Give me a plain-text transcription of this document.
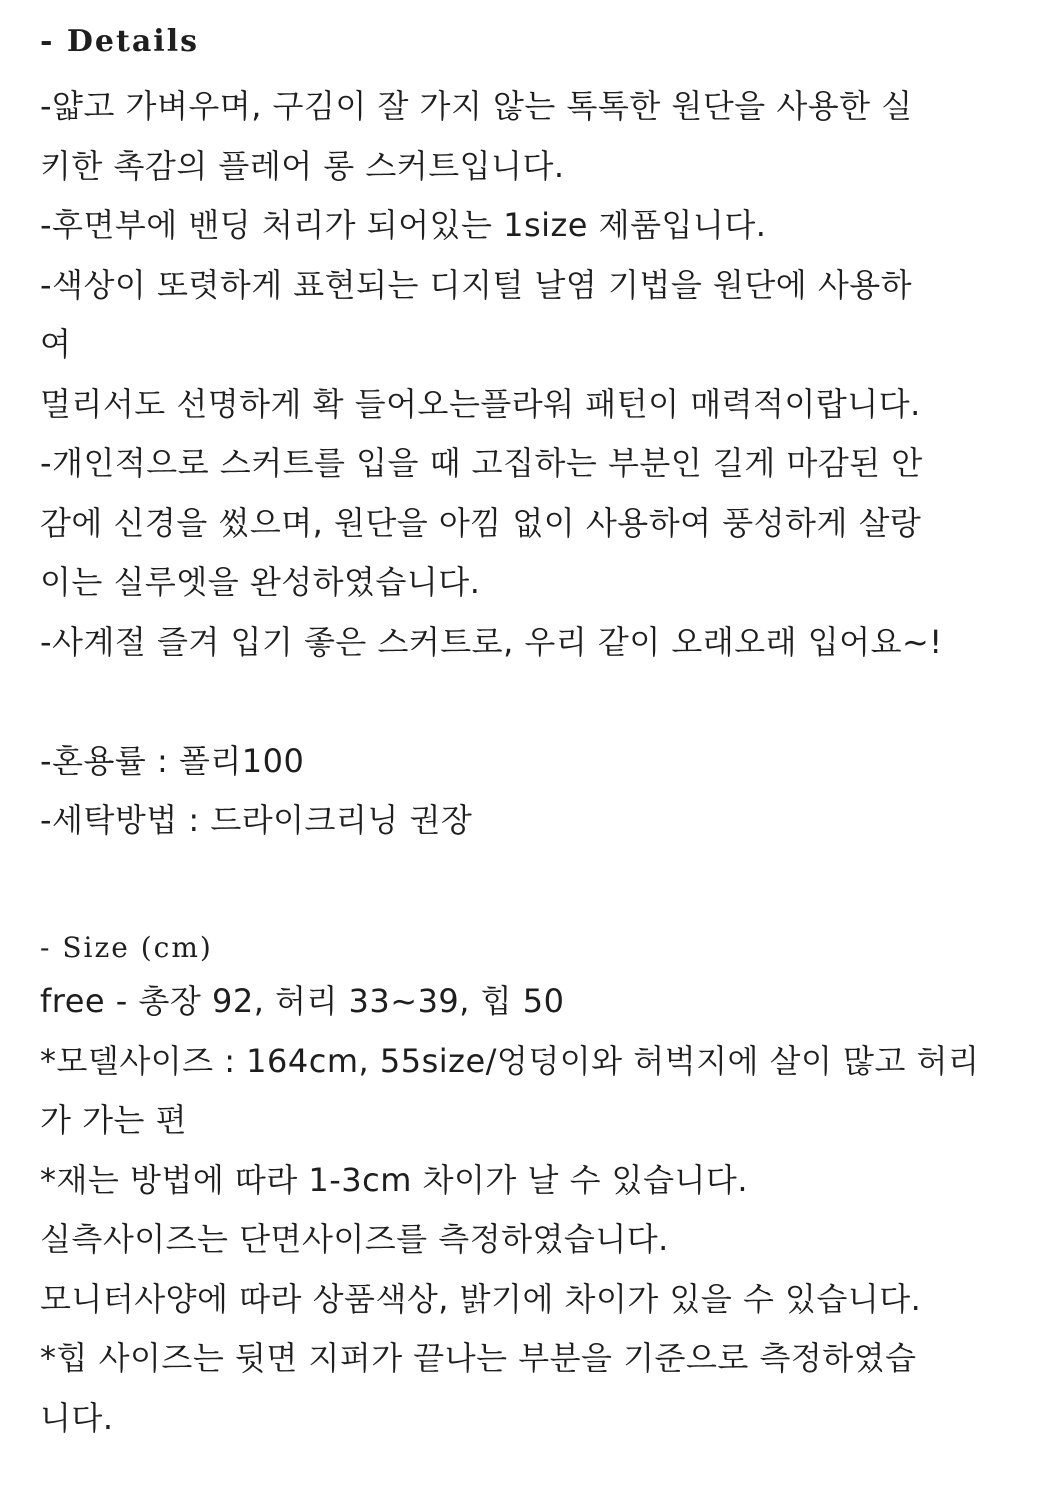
- Details
-얇고 가벼우며, 구김이 잘 가지 않는 톡톡한 원단을 사용한 실
키한 촉감의 플레어 롱 스커트입니다.
-후면부에 밴딩 처리가 되어있는 1size 제품입니다.
-색상이 또렷하게 표현되는 디지털 날염 기법을 원단에 사용하
여
멀리서도 선명하게 확 들어오는플라워 패턴이 매력적이랍니다.
-개인적으로 스커트를 입을 때 고집하는 부분인 길게 마감된 안
감에 신경을 썼으며, 원단을 아낌 없이 사용하여 풍성하게 살랑
이는 실루엣을 완성하였습니다.
-사계절 즐겨 입기 좋은 스커트로, 우리 같이 오래오래 입어요~!
-혼용률 : 폴리100
-세탁방법 : 드라이크리닝 권장
- Size (cm)
free - 총장 92, 허리 33~39, 힙 50
*모델사이즈 : 164cm, 55size/엉덩이와 허벅지에 살이 많고 허리
가 가는 편
*재는 방법에 따라 1-3cm 차이가 날 수 있습니다.
실측사이즈는 단면사이즈를 측정하였습니다.
모니터사양에 따라 상품색상, 밝기에 차이가 있을 수 있습니다.
*힙 사이즈는 뒷면 지퍼가 끝나는 부분을 기준으로 측정하였습
니다.
